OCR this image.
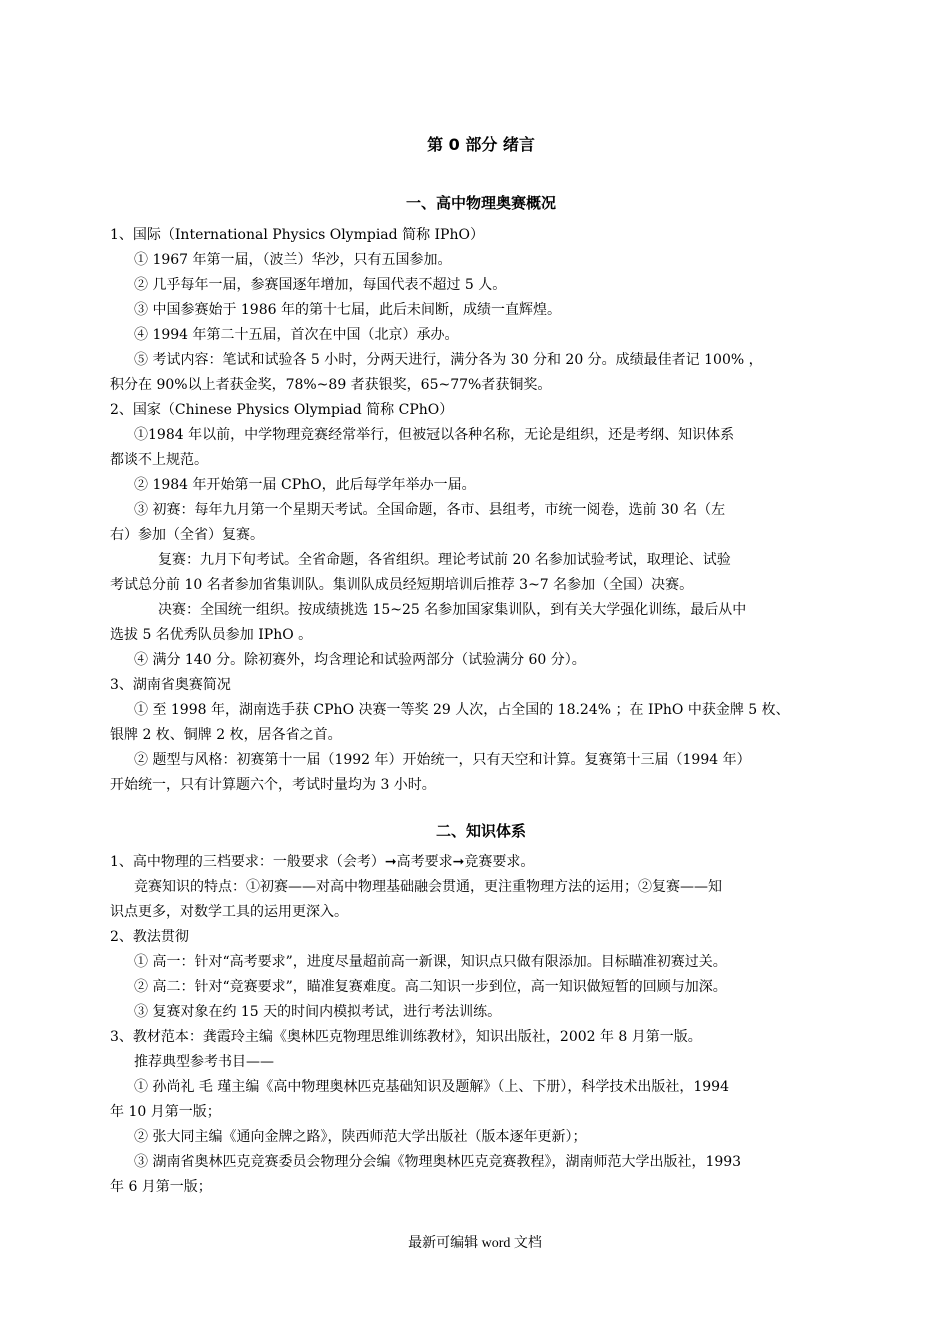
第 0 部分 绪言
一、高中物理奥赛概况
1、国际（International Physics Olympiad 简称 IPhO）
① 1967 年第一届，（波兰）华沙，只有五国参加。
② 几乎每年一届，参赛国逐年增加，每国代表不超过 5 人。
③ 中国参赛始于 1986 年的第十七届，此后未间断，成绩一直辉煌。
④ 1994 年第二十五届，首次在中国（北京）承办。
⑤ 考试内容：笔试和试验各 5 小时，分两天进行，满分各为 30 分和 20 分。成绩最佳者记 100% ，
积分在 90%以上者获金奖，78%~89 者获银奖，65~77%者获铜奖。
2、国家（Chinese Physics Olympiad 简称 CPhO）
①1984 年以前，中学物理竞赛经常举行，但被冠以各种名称，无论是组织，还是考纲、知识体系
都谈不上规范。
② 1984 年开始第一届 CPhO，此后每学年举办一届。
③ 初赛：每年九月第一个星期天考试。全国命题，各市、县组考，市统一阅卷，选前 30 名（左
右）参加（全省）复赛。
复赛：九月下旬考试。全省命题，各省组织。理论考试前 20 名参加试验考试，取理论、试验
考试总分前 10 名者参加省集训队。集训队成员经短期培训后推荐 3~7 名参加（全国）决赛。
决赛：全国统一组织。按成绩挑选 15~25 名参加国家集训队，到有关大学强化训练，最后从中
选拔 5 名优秀队员参加 IPhO 。
④ 满分 140 分。除初赛外，均含理论和试验两部分（试验满分 60 分）。
3、湖南省奥赛简况
① 至 1998 年，湖南选手获 CPhO 决赛一等奖 29 人次，占全国的 18.24% ；在 IPhO 中获金牌 5 枚、
银牌 2 枚、铜牌 2 枚，居各省之首。
② 题型与风格：初赛第十一届（1992 年）开始统一，只有天空和计算。复赛第十三届（1994 年）
开始统一，只有计算题六个，考试时量均为 3 小时。
二、知识体系
1、高中物理的三档要求：一般要求（会考）➞高考要求➞竞赛要求。
竞赛知识的特点：①初赛——对高中物理基础融会贯通，更注重物理方法的运用；②复赛——知
识点更多，对数学工具的运用更深入。
2、教法贯彻
① 高一：针对“高考要求”，进度尽量超前高一新课，知识点只做有限添加。目标瞄准初赛过关。
② 高二：针对“竞赛要求”，瞄准复赛难度。高二知识一步到位，高一知识做短暂的回顾与加深。
③ 复赛对象在约 15 天的时间内模拟考试，进行考法训练。
3、教材范本：龚霞玲主编《奥林匹克物理思维训练教材》，知识出版社，2002 年 8 月第一版。
推荐典型参考书目——
① 孙尚礼 毛 瑾主编《高中物理奥林匹克基础知识及题解》（上、下册），科学技术出版社，1994
年 10 月第一版；
② 张大同主编《通向金牌之路》，陕西师范大学出版社（版本逐年更新）；
③ 湖南省奥林匹克竞赛委员会物理分会编《物理奥林匹克竞赛教程》，湖南师范大学出版社，1993
年 6 月第一版；
最新可编辑 word 文档
